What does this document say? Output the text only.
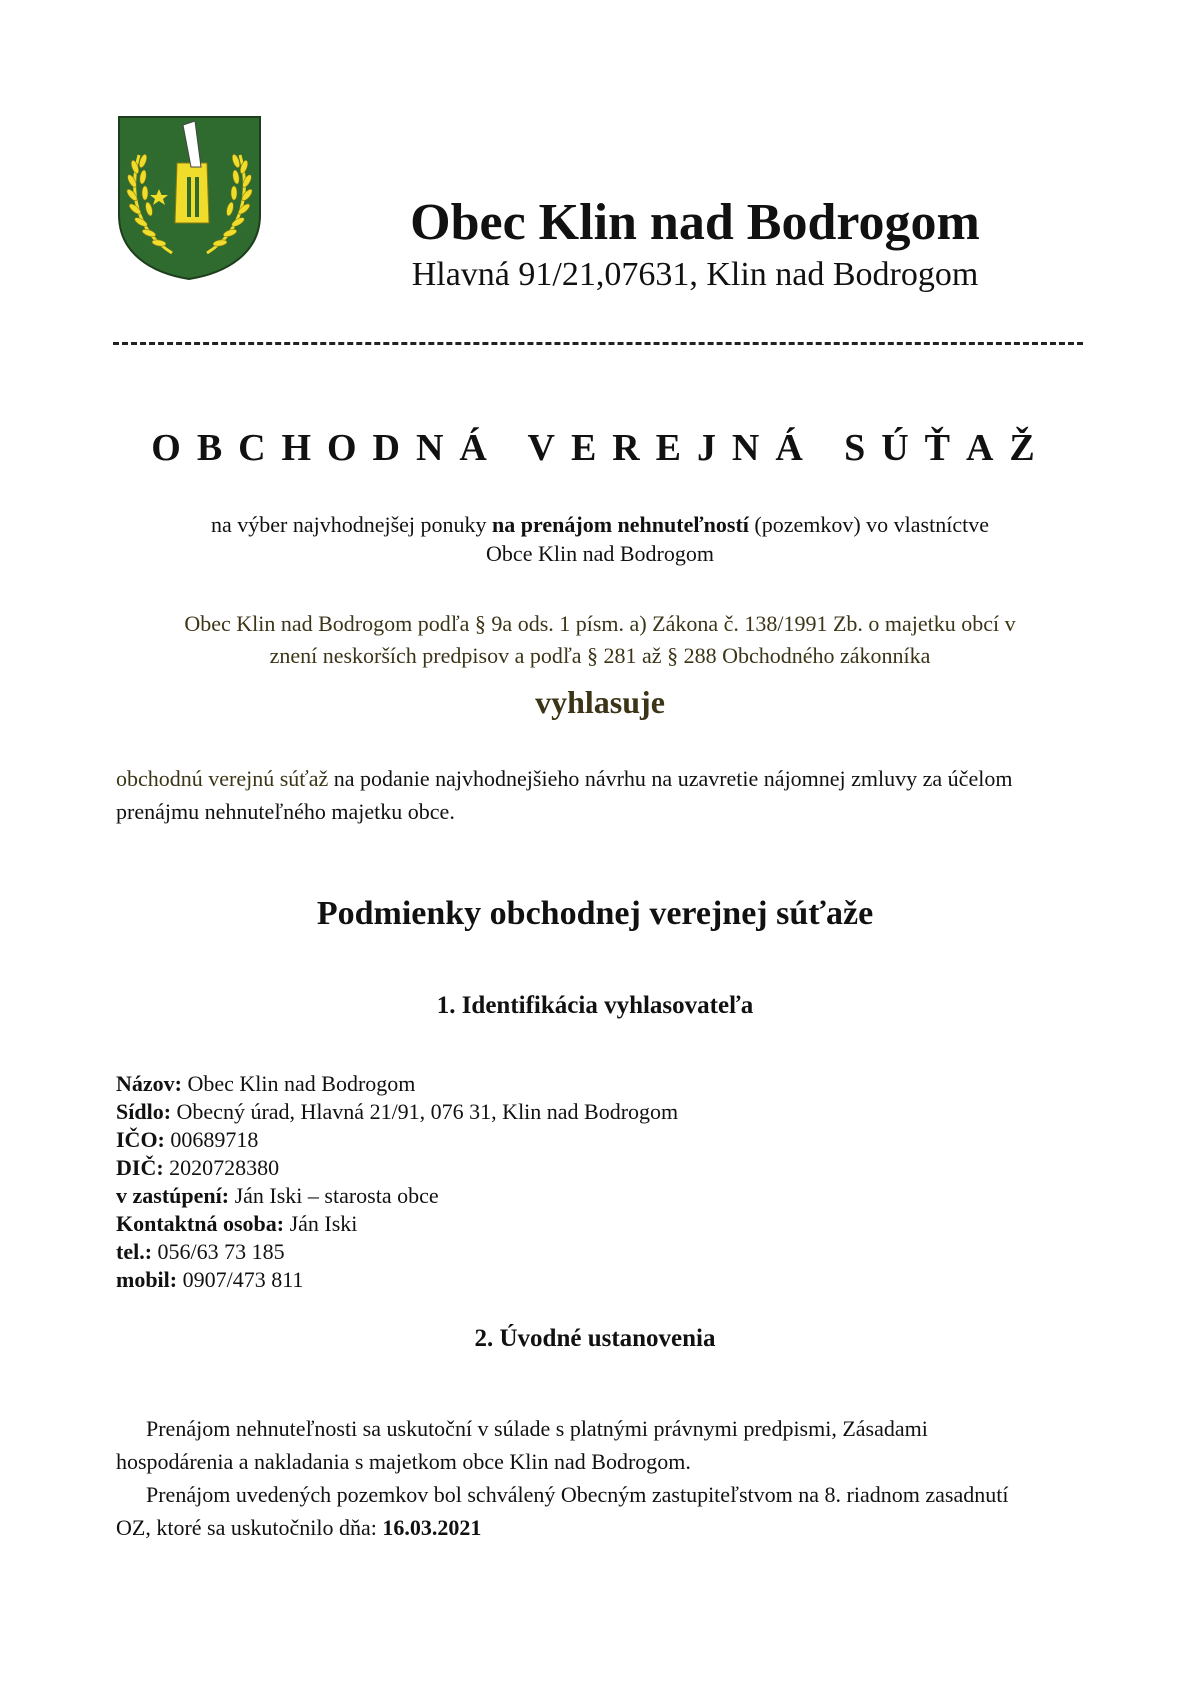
Obec Klin nad Bodrogom
Hlavná 91/21,07631, Klin nad Bodrogom
OBCHODNÁ VEREJNÁ SÚŤAŽ
na výber najvhodnejšej ponuky na prenájom nehnuteľností (pozemkov) vo vlastníctve
Obce Klin nad Bodrogom
Obec Klin nad Bodrogom podľa § 9a ods. 1 písm. a) Zákona č. 138/1991 Zb. o majetku obcí v
znení neskorších predpisov a podľa § 281 až § 288 Obchodného zákonníka
vyhlasuje
obchodnú verejnú súťaž na podanie najvhodnejšieho návrhu na uzavretie nájomnej zmluvy za účelom prenájmu nehnuteľného majetku obce.
Podmienky obchodnej verejnej súťaže
1. Identifikácia vyhlasovateľa
Názov: Obec Klin nad Bodrogom
Sídlo: Obecný úrad, Hlavná 21/91, 076 31, Klin nad Bodrogom
IČO: 00689718
DIČ: 2020728380
v zastúpení: Ján Iski – starosta obce
Kontaktná osoba: Ján Iski
tel.: 056/63 73 185
mobil: 0907/473 811
2. Úvodné ustanovenia

Prenájom nehnuteľnosti sa uskutoční v súlade s platnými právnymi predpismi, Zásadami hospodárenia a nakladania s majetkom obce Klin nad Bodrogom.

Prenájom uvedených pozemkov bol schválený Obecným zastupiteľstvom na 8. riadnom zasadnutí OZ, ktoré sa uskutočnilo dňa: 16.03.2021
